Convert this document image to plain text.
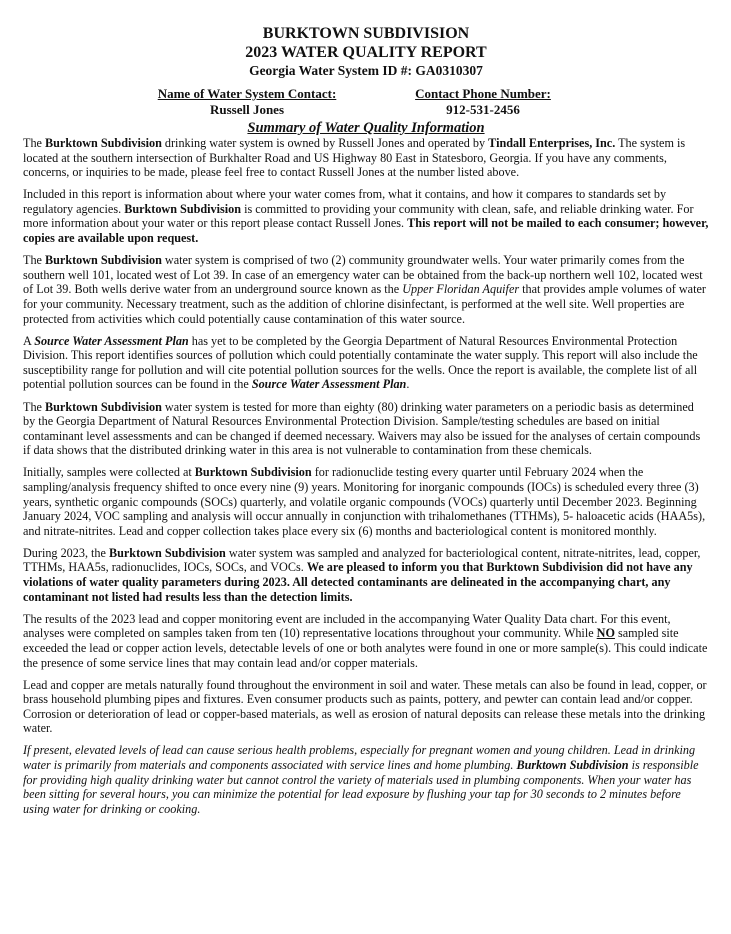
BURKTOWN SUBDIVISION
2023 WATER QUALITY REPORT
Georgia Water System ID #: GA0310307
Name of Water System Contact:
Russell Jones
Contact Phone Number:
912-531-2456
Summary of Water Quality Information

The Burktown Subdivision drinking water system is owned by Russell Jones and operated by Tindall Enterprises, Inc. The system is located at the southern intersection of Burkhalter Road and US Highway 80 East in Statesboro, Georgia. If you have any comments, concerns, or inquiries to be made, please feel free to contact Russell Jones at the number listed above.

Included in this report is information about where your water comes from, what it contains, and how it compares to standards set by regulatory agencies. Burktown Subdivision is committed to providing your community with clean, safe, and reliable drinking water. For more information about your water or this report please contact Russell Jones. This report will not be mailed to each consumer; however, copies are available upon request.

The Burktown Subdivision water system is comprised of two (2) community groundwater wells. Your water primarily comes from the southern well 101, located west of Lot 39. In case of an emergency water can be obtained from the back-up northern well 102, located west of Lot 39. Both wells derive water from an underground source known as the Upper Floridan Aquifer that provides ample volumes of water for your community. Necessary treatment, such as the addition of chlorine disinfectant, is performed at the well site. Well properties are protected from activities which could potentially cause contamination of this water source.

A Source Water Assessment Plan has yet to be completed by the Georgia Department of Natural Resources Environmental Protection Division. This report identifies sources of pollution which could potentially contaminate the water supply. This report will also include the susceptibility range for pollution and will cite potential pollution sources for the wells. Once the report is available, the complete list of all potential pollution sources can be found in the Source Water Assessment Plan.

The Burktown Subdivision water system is tested for more than eighty (80) drinking water parameters on a periodic basis as determined by the Georgia Department of Natural Resources Environmental Protection Division. Sample/testing schedules are based on initial contaminant level assessments and can be changed if deemed necessary. Waivers may also be issued for the analyses of certain compounds if data shows that the distributed drinking water in this area is not vulnerable to contamination from these chemicals.

Initially, samples were collected at Burktown Subdivision for radionuclide testing every quarter until February 2024 when the sampling/analysis frequency shifted to once every nine (9) years. Monitoring for inorganic compounds (IOCs) is scheduled every three (3) years, synthetic organic compounds (SOCs) quarterly, and volatile organic compounds (VOCs) quarterly until December 2023. Beginning January 2024, VOC sampling and analysis will occur annually in conjunction with trihalomethanes (TTHMs), 5- haloacetic acids (HAA5s), and nitrate-nitrites. Lead and copper collection takes place every six (6) months and bacteriological content is monitored monthly.

During 2023, the Burktown Subdivision water system was sampled and analyzed for bacteriological content, nitrate-nitrites, lead, copper, TTHMs, HAA5s, radionuclides, IOCs, SOCs, and VOCs. We are pleased to inform you that Burktown Subdivision did not have any violations of water quality parameters during 2023. All detected contaminants are delineated in the accompanying chart, any contaminant not listed had results less than the detection limits.

The results of the 2023 lead and copper monitoring event are included in the accompanying Water Quality Data chart. For this event, analyses were completed on samples taken from ten (10) representative locations throughout your community. While NO sampled site exceeded the lead or copper action levels, detectable levels of one or both analytes were found in one or more sample(s). This could indicate the presence of some service lines that may contain lead and/or copper materials.

Lead and copper are metals naturally found throughout the environment in soil and water. These metals can also be found in lead, copper, or brass household plumbing pipes and fixtures. Even consumer products such as paints, pottery, and pewter can contain lead and/or copper. Corrosion or deterioration of lead or copper-based materials, as well as erosion of natural deposits can release these metals into the drinking water.

If present, elevated levels of lead can cause serious health problems, especially for pregnant women and young children. Lead in drinking water is primarily from materials and components associated with service lines and home plumbing. Burktown Subdivision is responsible for providing high quality drinking water but cannot control the variety of materials used in plumbing components. When your water has been sitting for several hours, you can minimize the potential for lead exposure by flushing your tap for 30 seconds to 2 minutes before using water for drinking or cooking.
